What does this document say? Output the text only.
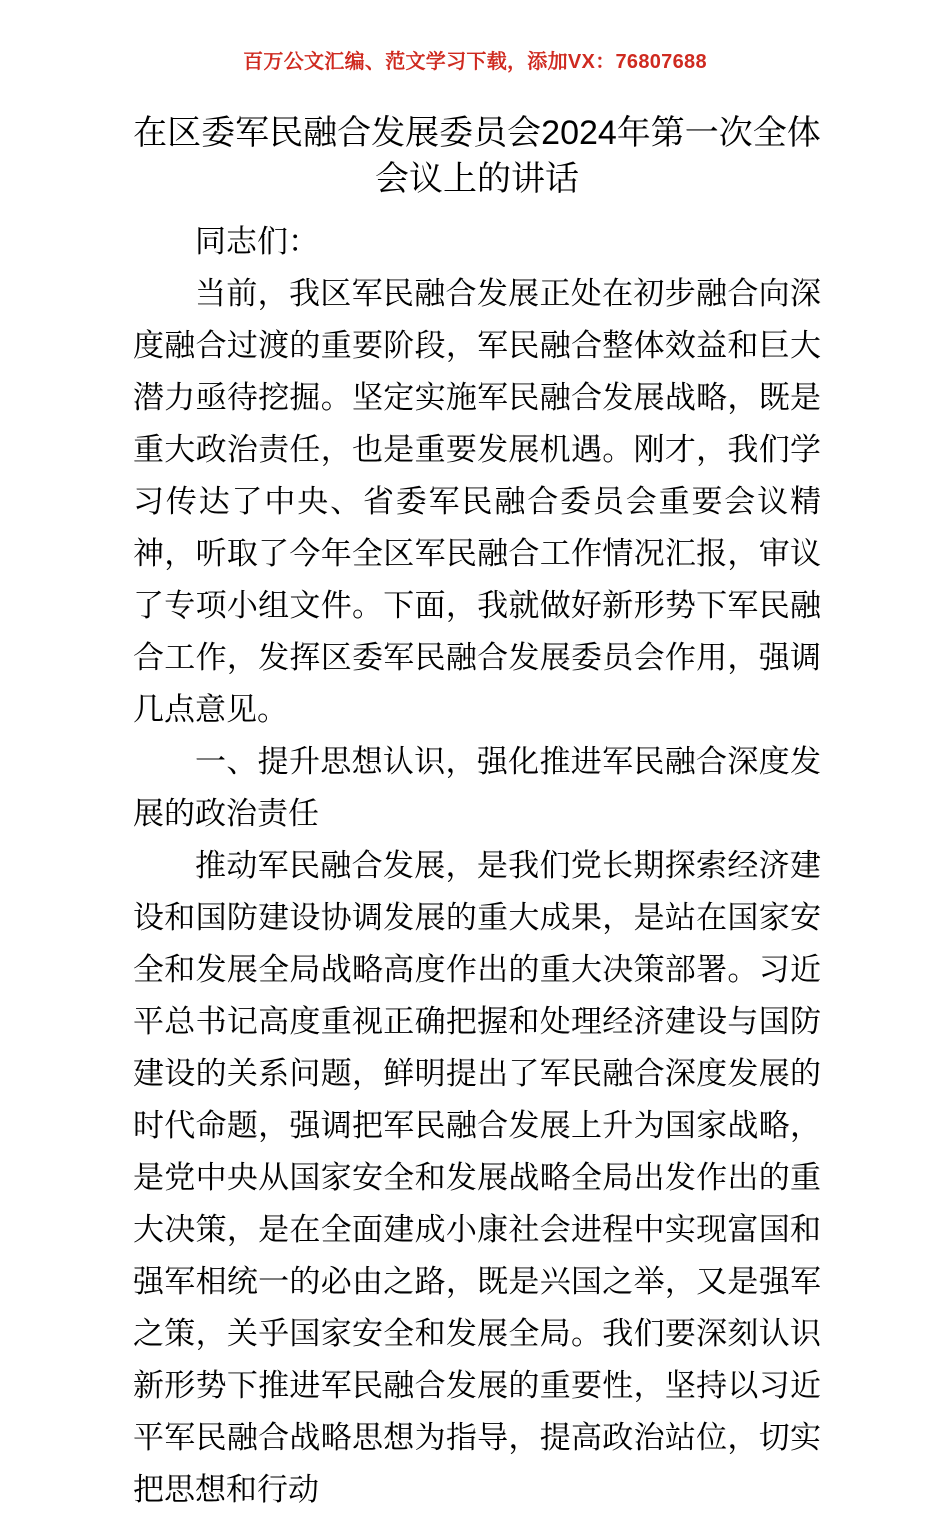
百万公文汇编、范文学习下载，添加VX：76807688
在区委军民融合发展委员会2024年第一次全体会议上的讲话

同志们：

当前，我区军民融合发展正处在初步融合向深度融合过渡的重要阶段，军民融合整体效益和巨大潜力亟待挖掘。坚定实施军民融合发展战略，既是重大政治责任，也是重要发展机遇。刚才，我们学习传达了中央、省委军民融合委员会重要会议精神，听取了今年全区军民融合工作情况汇报，审议了专项小组文件。下面，我就做好新形势下军民融合工作，发挥区委军民融合发展委员会作用，强调几点意见。

一、提升思想认识，强化推进军民融合深度发展的政治责任

推动军民融合发展，是我们党长期探索经济建设和国防建设协调发展的重大成果，是站在国家安全和发展全局战略高度作出的重大决策部署。习近平总书记高度重视正确把握和处理经济建设与国防建设的关系问题，鲜明提出了军民融合深度发展的时代命题，强调把军民融合发展上升为国家战略，是党中央从国家安全和发展战略全局出发作出的重大决策，是在全面建成小康社会进程中实现富国和强军相统一的必由之路，既是兴国之举，又是强军之策，关乎国家安全和发展全局。我们要深刻认识新形势下推进军民融合发展的重要性，坚持以习近平军民融合战略思想为指导，提高政治站位，切实把思想和行动
